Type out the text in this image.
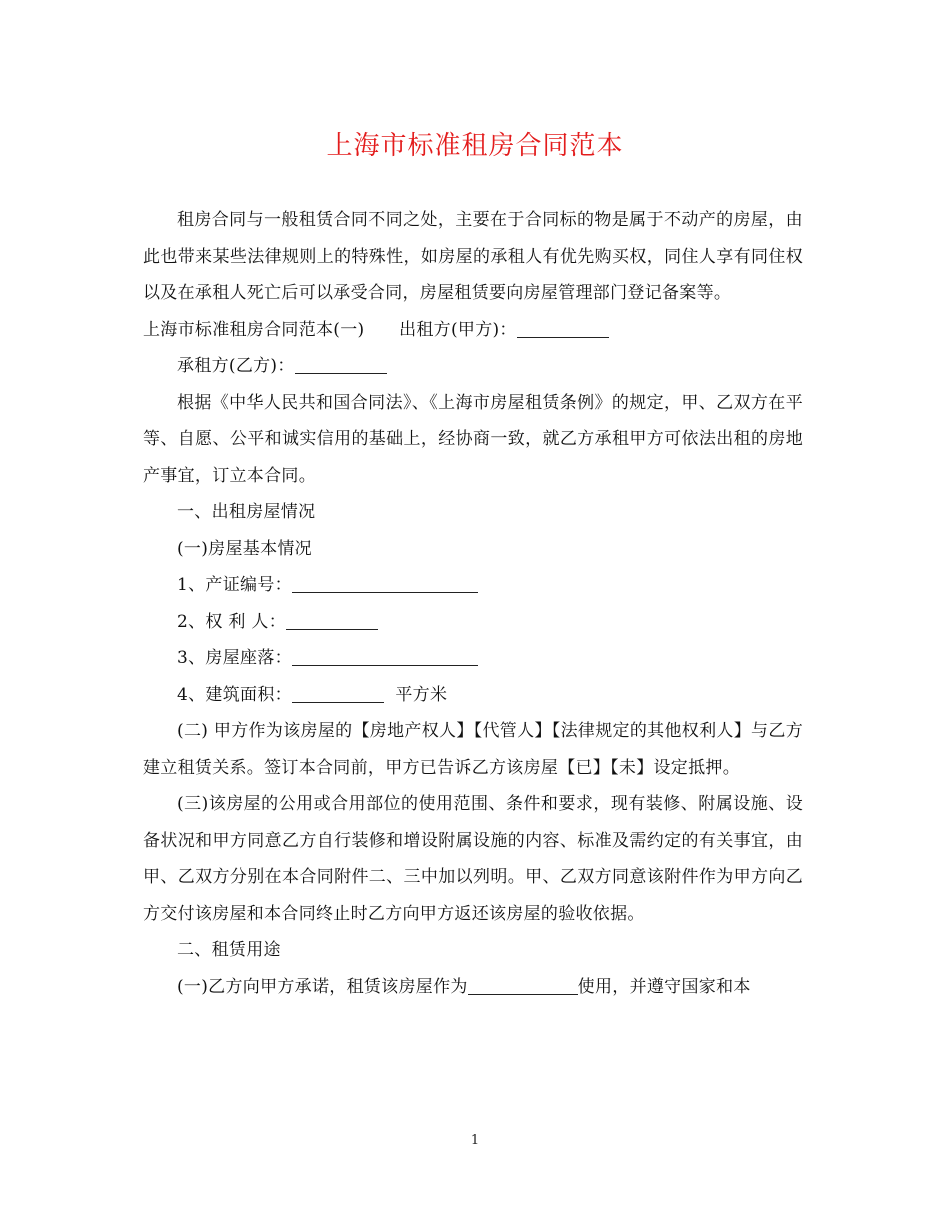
上海市标准租房合同范本

租房合同与一般租赁合同不同之处，主要在于合同标的物是属于不动产的房屋，由此也带来某些法律规则上的特殊性，如房屋的承租人有优先购买权，同住人享有同住权以及在承租人死亡后可以承受合同，房屋租赁要向房屋管理部门登记备案等。

上海市标准租房合同范本(一)　　出租方(甲方)：

承租方(乙方)：

根据《中华人民共和国合同法》、《上海市房屋租赁条例》的规定，甲、乙双方在平等、自愿、公平和诚实信用的基础上，经协商一致，就乙方承租甲方可依法出租的房地产事宜，订立本合同。

一、出租房屋情况

(一)房屋基本情况

1、产证编号：

2、权 利 人：

3、房屋座落：

4、建筑面积：	平方米

(二) 甲方作为该房屋的【房地产权人】【代管人】【法律规定的其他权利人】与乙方建立租赁关系。签订本合同前，甲方已告诉乙方该房屋【已】【未】设定抵押。

(三)该房屋的公用或合用部位的使用范围、条件和要求，现有装修、附属设施、设备状况和甲方同意乙方自行装修和增设附属设施的内容、标准及需约定的有关事宜，由甲、乙双方分别在本合同附件二、三中加以列明。甲、乙双方同意该附件作为甲方向乙方交付该房屋和本合同终止时乙方向甲方返还该房屋的验收依据。

二、租赁用途

(一)乙方向甲方承诺，租赁该房屋作为	使用，并遵守国家和本

1
